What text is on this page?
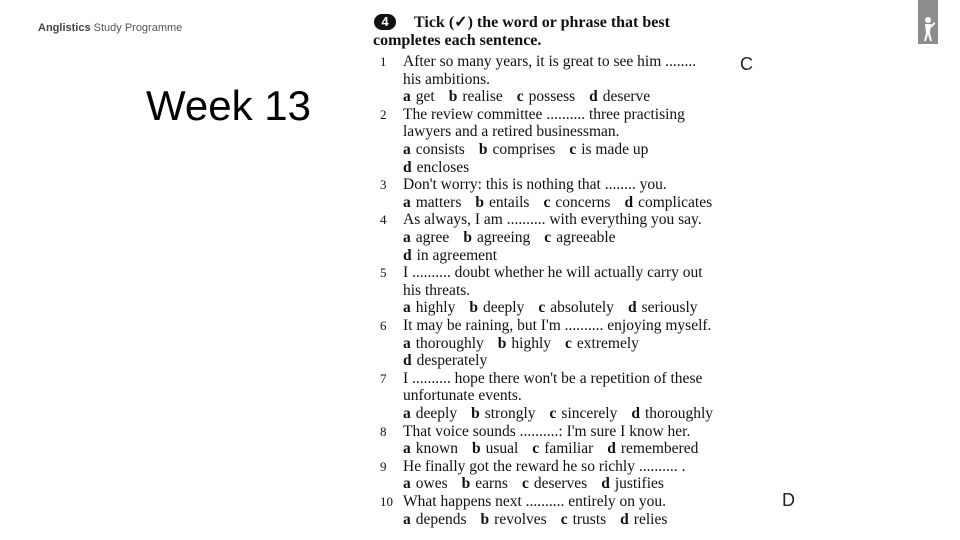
Anglistics Study Programme
Week 13
4	Tick (✓) the word or phrase that best
completes each sentence.
1 After so many years, it is great to see him ........
his ambitions.
a get b realise c possess d deserve
2 The review committee .......... three practising
lawyers and a retired businessman.
a consists b comprises c is made up
d encloses
3 Don't worry: this is nothing that ........ you.
a matters b entails c concerns d complicates
4 As always, I am .......... with everything you say.
a agree b agreeing c agreeable
d in agreement
5 I .......... doubt whether he will actually carry out
his threats.
a highly b deeply c absolutely d seriously
6 It may be raining, but I'm .......... enjoying myself.
a thoroughly b highly c extremely
d desperately
7 I .......... hope there won't be a repetition of these
unfortunate events.
a deeply b strongly c sincerely d thoroughly
8 That voice sounds ..........: I'm sure I know her.
a known b usual c familiar d remembered
9 He finally got the reward he so richly .......... .
a owes b earns c deserves d justifies
10 What happens next .......... entirely on you.
a depends b revolves c trusts d relies
C
D
